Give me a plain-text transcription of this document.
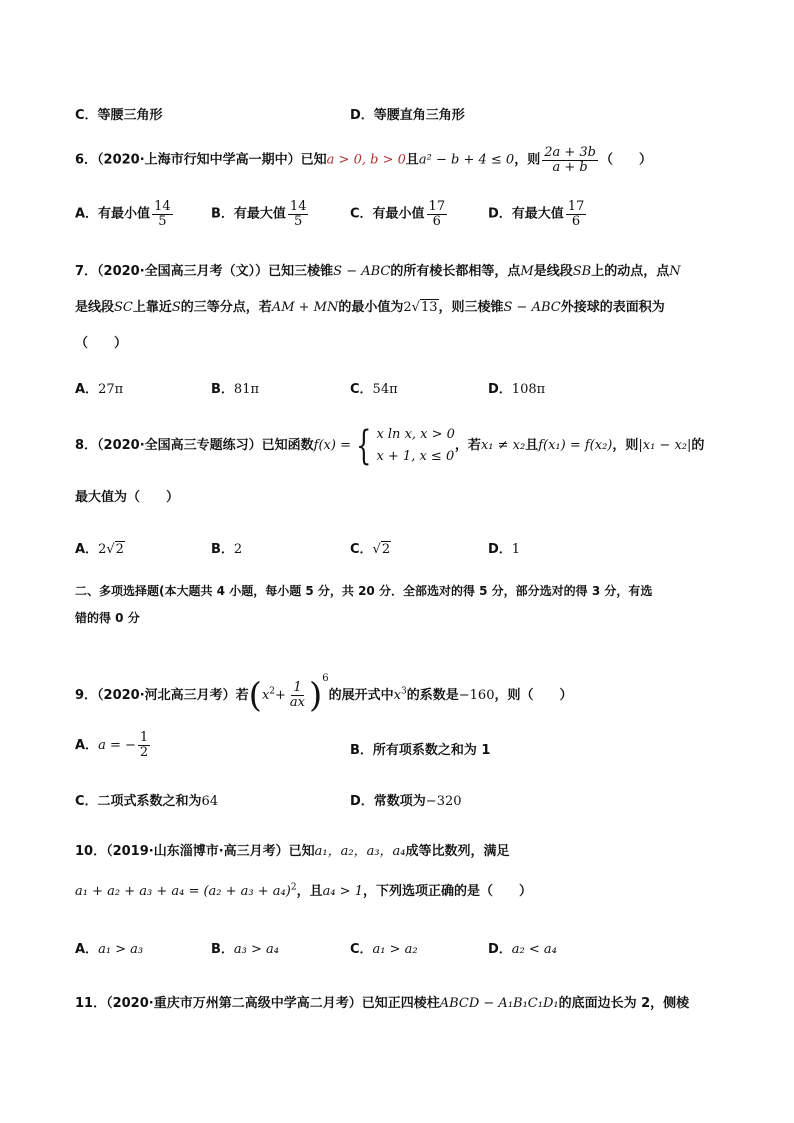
C．等腰三角形	D．等腰直角三角形
6．（2020·上海市行知中学高一期中）已知a > 0, b > 0且a² − b + 4 ≤ 0，则 $\frac{2a + 3b}{a + b}$ （　　）
A．有最小值 $\frac{14}{5}$	B．有最大值 $\frac{14}{5}$	C．有最小值 $\frac{17}{6}$	D．有最大值 $\frac{17}{6}$
7．（2020·全国高三月考（文））已知三棱锥S − ABC的所有棱长都相等，点M是线段SB上的动点，点N
是线段SC上靠近S的三等分点，若AM + MN的最小值为2√13，则三棱锥S − ABC外接球的表面积为
（　　）
A．27π	B．81π	C．54π	D．108π
8．（2020·全国高三专题练习）已知函数f(x) = { x ln x, x > 0
x + 1, x ≤ 0
，若x₁ ≠ x₂且f(x₁) = f(x₂)，则|x₁ − x₂|的
最大值为（　　）
A．2√2	B．2	C．√2	D．1
二、多项选择题(本大题共 4 小题，每小题 5 分，共 20 分．全部选对的得 5 分，部分选对的得 3 分，有选
错的得 0 分
9．（2020·河北高三月考）若$(x^2+ \frac{1}{ax} )^6$的展开式中$x^3$的系数是−160，则（　　）
A．a = − $\frac{1}{2}$	B．所有项系数之和为 1
C．二项式系数之和为64	D．常数项为−320
10．（2019·山东淄博市·高三月考）已知a₁，a₂，a₃，a₄成等比数列，满足
$a_1 + a_2 + a_3 + a_4 = (a_2 + a_3 + a_4)^2$，且a₄ > 1，下列选项正确的是（　　）
A．a₁ > a₃	B．a₃ > a₄	C．a₁ > a₂	D．a₂ < a₄
11．（2020·重庆市万州第二高级中学高二月考）已知正四棱柱ABCD − A₁B₁C₁D₁的底面边长为 2，侧棱
